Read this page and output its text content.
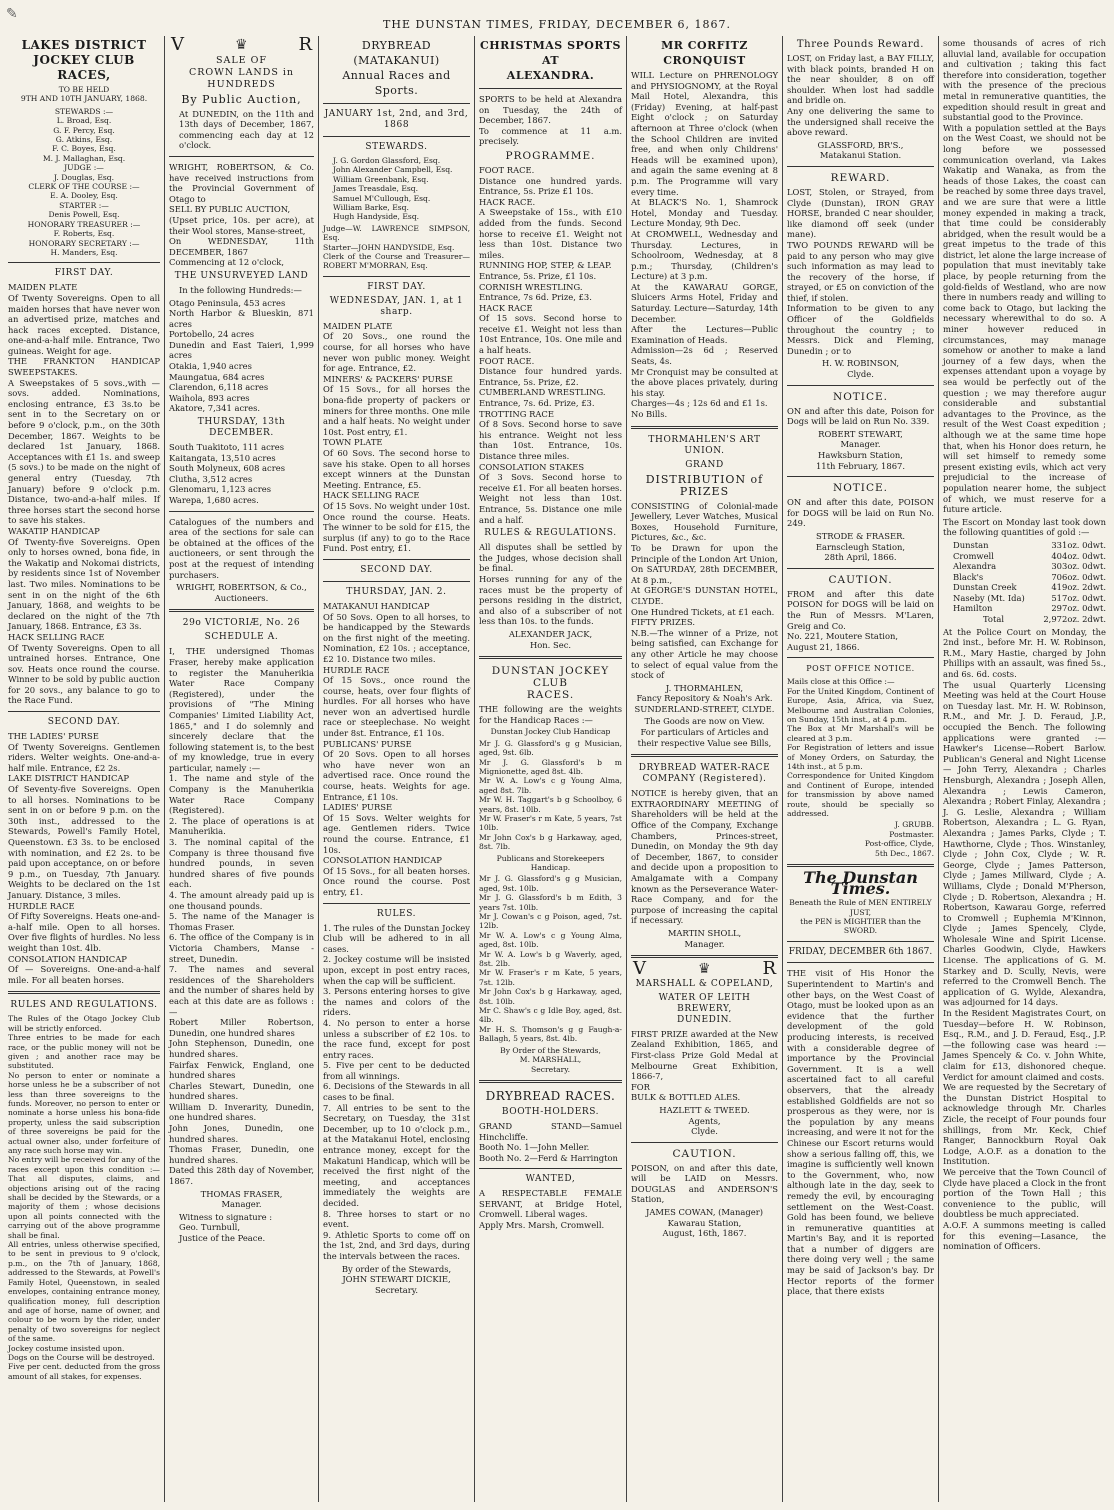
✎
THE DUNSTAN TIMES, FRIDAY, DECEMBER 6, 1867.
LAKES DISTRICT
JOCKEY CLUB RACES,
TO BE HELD
9TH AND 10TH JANUARY, 1868.
STEWARDS :—
L. Broad, Esq.
G. F. Percy, Esq.
G. Atkins, Esq.
F. C. Boyes, Esq.
M. J. Mallaghan, Esq.
JUDGE :—
J. Douglas, Esq.
CLERK OF THE COURSE :—
E. A. Dooley, Esq.
STARTER :—
Denis Powell, Esq.
HONORARY TREASURER :—
F. Roberts, Esq.
HONORARY SECRETARY :—
H. Manders, Esq.
FIRST DAY.
MAIDEN PLATE
Of Twenty Sovereigns. Open to all maiden horses that have never won an advertised prize, matches and hack races excepted. Distance, one-and-a-half mile. Entrance, Two guineas. Weight for age.
THE FRANKTON HANDICAP SWEEPSTAKES.
A Sweepstakes of 5 sovs.,with — sovs. added. Nominations, enclosing entrance, £3 3s.to be sent in to the Secretary on or before 9 o'clock, p.m., on the 30th December, 1867. Weights to be declared 1st January, 1868. Acceptances with £1 1s. and sweep (5 sovs.) to be made on the night of general entry (Tuesday, 7th January) before 9 o'clock p.m. Distance, two-and-a-half miles. If three horses start the second horse to save his stakes.
WAKATIP HANDICAP
Of Twenty-five Sovereigns. Open only to horses owned, bona fide, in the Wakatip and Nokomai districts, by residents since 1st of November last. Two miles. Nominations to be sent in on the night of the 6th January, 1868, and weights to be declared on the night of the 7th January, 1868. Entrance, £3 3s.
HACK SELLING RACE
Of Twenty Sovereigns. Open to all untrained horses. Entrance, One sov. Heats once round the course. Winner to be sold by public auction for 20 sovs., any balance to go to the Race Fund.
SECOND DAY.
THE LADIES' PURSE
Of Twenty Sovereigns. Gentlemen riders. Welter weights. One-and-a-half mile. Entrance, £2 2s.
LAKE DISTRICT HANDICAP
Of Seventy-five Sovereigns. Open to all horses. Nominations to be sent in on or before 9 p.m. on the 30th inst., addressed to the Stewards, Powell's Family Hotel, Queenstown. £3 3s. to be enclosed with nomination, and £2 2s. to be paid upon acceptance, on or before 9 p.m., on Tuesday, 7th January. Weights to be declared on the 1st January. Distance, 3 miles.
HURDLE RACE
Of Fifty Sovereigns. Heats one-and-a-half mile. Open to all horses. Over five flights of hurdles. No less weight than 10st. 4lb.
CONSOLATION HANDICAP
Of — Sovereigns. One-and-a-half mile. For all beaten horses.
RULES AND REGULATIONS.
The Rules of the Otago Jockey Club will be strictly enforced.
Three entries to be made for each race, or the public money will not be given ; and another race may be substituted.
No person to enter or nominate a horse unless he be a subscriber of not less than three sovereigns to the funds. Moreover, no person to enter or nominate a horse unless his bona-fide property, unless the said subscription of three sovereigns be paid for the actual owner also, under forfeiture of any race such horse may win.
No entry will be received for any of the races except upon this condition :—That all disputes, claims, and objections arising out of the racing shall be decided by the Stewards, or a majority of them ; whose decisions upon all points connected with the carrying out of the above programme shall be final.
All entries, unless otherwise specified, to be sent in previous to 9 o'clock, p.m., on the 7th of January, 1868, addressed to the Stewards, at Powell's Family Hotel, Queenstown, in sealed envelopes, containing entrance money, qualification money, full description and age of horse, name of owner, and colour to be worn by the rider, under penalty of two sovereigns for neglect of the same.
Jockey costume insisted upon.
Dogs on the Course will be destroyed.
Five per cent. deducted from the gross amount of all stakes, for expenses.
V	♛	R
SALE OF
CROWN LANDS in HUNDREDS
By Public Auction,
At DUNEDIN, on the 11th and 13th days of December, 1867, commencing each day at 12 o'clock.
WRIGHT, ROBERTSON, & Co. have received instructions from the Provincial Government of Otago to
SELL BY PUBLIC AUCTION,
(Upset price, 10s. per acre), at their Wool stores, Manse-street,
On WEDNESDAY, 11th DECEMBER, 1867
Commencing at 12 o'clock,
THE UNSURVEYED LAND
In the following Hundreds:—
Otago Peninsula, 453 acres
North Harbor & Blueskin, 871 acres
Portobello, 24 acres
Dunedin and East Taieri, 1,999 acres
Otakia, 1,940 acres
Maungatua, 684 acres
Clarendon, 6,118 acres
Waihola, 893 acres
Akatore, 7,341 acres.
THURSDAY, 13th DECEMBER.
South Tuakitoto, 111 acres
Kaitangata, 13,510 acres
South Molyneux, 608 acres
Clutha, 3,512 acres
Glenomaru, 1,123 acres
Warepa, 1,680 acres.
Catalogues of the numbers and area of the sections for sale can be obtained at the offices of the auctioneers, or sent through the post at the request of intending purchasers.
WRIGHT, ROBERTSON, & Co.,
Auctioneers.
29o VICTORIÆ, No. 26
SCHEDULE A.
I, THE undersigned Thomas Fraser, hereby make application to register the Manuherikia Water Race Company (Registered), under the provisions of "The Mining Companies' Limited Liability Act, 1865," and I do solemnly and sincerely declare that the following statement is, to the best of my knowledge, true in every particular, namely :—
1. The name and style of the Company is the Manuherikia Water Race Company (Registered).
2. The place of operations is at Manuherikia.
3. The nominal capital of the Company is three thousand five hundred pounds, in seven hundred shares of five pounds each.
4. The amount already paid up is one thousand pounds.
5. The name of the Manager is Thomas Fraser.
6. The office of the Company is in Victoria Chambers, Manse - street, Dunedin.
7. The names and several residences of the Shareholders and the number of shares held by each at this date are as follows :—
Robert Miller Robertson, Dunedin, one hundred shares
John Stephenson, Dunedin, one hundred shares.
Fairfax Fenwick, England, one hundred shares
Charles Stewart, Dunedin, one hundred shares.
William D. Inverarity, Dunedin, one hundred shares.
John Jones, Dunedin, one hundred shares.
Thomas Fraser, Dunedin, one hundred shares.
Dated this 28th day of November, 1867.
THOMAS FRASER,
Manager.
Witness to signature :
Geo. Turnbull,
Justice of the Peace.
DRYBREAD (MATAKANUI)
Annual Races and Sports.
JANUARY 1st, 2nd, and 3rd, 1868
STEWARDS.
J. G. Gordon Glassford, Esq.
John Alexander Campbell, Esq.
William Greenbank, Esq.
James Treasdale, Esq.
Samuel M'Cullough, Esq.
William Barke, Esq.
Hugh Handyside, Esq.
Judge—W. LAWRENCE SIMPSON, Esq.
Starter—JOHN HANDYSIDE, Esq.
Clerk of the Course and Treasurer—ROBERT M'MORRAN, Esq.
FIRST DAY.
WEDNESDAY, JAN. 1, at 1 sharp.
MAIDEN PLATE
Of 20 Sovs., one round the course, for all horses who have never won public money. Weight for age. Entrance, £2.
MINERS' & PACKERS' PURSE
Of 15 Sovs., for all horses the bona-fide property of packers or miners for three months. One mile and a half heats. No weight under 10st. Post entry, £1.
TOWN PLATE
Of 60 Sovs. The second horse to save his stake. Open to all horses except winners at the Dunstan Meeting. Entrance, £5.
HACK SELLING RACE
Of 15 Sovs. No weight under 10st. Once round the course. Heats. The winner to be sold for £15, the surplus (if any) to go to the Race Fund. Post entry, £1.
SECOND DAY.
THURSDAY, JAN. 2.
MATAKANUI HANDICAP
Of 50 Sovs. Open to all horses, to be handicapped by the Stewards on the first night of the meeting. Nomination, £2 10s. ; acceptance, £2 10. Distance two miles.
HURDLE RACE
Of 15 Sovs., once round the course, heats, over four flights of hurdles. For all horses who have never won an advertised hurdle race or steeplechase. No weight under 8st. Entrance, £1 10s.
PUBLICANS' PURSE
Of 20 Sovs. Open to all horses who have never won an advertised race. Once round the course, heats. Weights for age. Entrance, £1 10s.
LADIES' PURSE
Of 15 Sovs. Welter weights for age. Gentlemen riders. Twice round the course. Entrance, £1 10s.
CONSOLATION HANDICAP
Of 15 Sovs., for all beaten horses. Once round the course. Post entry, £1.
RULES.
1. The rules of the Dunstan Jockey Club will be adhered to in all cases.
2. Jockey costume will be insisted upon, except in post entry races, when the cap will be sufficient.
3. Persons entering horses to give the names and colors of the riders.
4. No person to enter a horse unless a subscriber of £2 10s. to the race fund, except for post entry races.
5. Five per cent to be deducted from all winnings.
6. Decisions of the Stewards in all cases to be final.
7. All entries to be sent to the Secretary, on Tuesday, the 31st December, up to 10 o'clock p.m., at the Matakanui Hotel, enclosing entrance money, except for the Makatuni Handicap, which will be received the first night of the meeting, and acceptances immediately the weights are decided.
8. Three horses to start or no event.
9. Athletic Sports to come off on the 1st, 2nd, and 3rd days, during the intervals between the races.
By order of the Stewards,
JOHN STEWART DICKIE,
Secretary.
CHRISTMAS SPORTS
AT
ALEXANDRA.
SPORTS to be held at Alexandra on Tuesday, the 24th of December, 1867.
To commence at 11 a.m. precisely.
PROGRAMME.
FOOT RACE.
Distance one hundred yards. Entrance, 5s. Prize £1 10s.
HACK RACE.
A Sweepstake of 15s., with £10 added from the funds. Second horse to receive £1. Weight not less than 10st. Distance two miles.
RUNNING HOP, STEP, & LEAP.
Entrance, 5s. Prize, £1 10s.
CORNISH WRESTLING.
Entrance, 7s 6d. Prize, £3.
HACK RACE
Of 15 sovs. Second horse to receive £1. Weight not less than 10st Entrance, 10s. One mile and a half heats.
FOOT RACE.
Distance four hundred yards. Entrance, 5s. Prize, £2.
CUMBERLAND WRESTLING.
Entrance, 7s. 6d. Prize, £3.
TROTTING RACE
Of 8 Sovs. Second horse to save his entrance. Weight not less than 10st. Entrance, 10s. Distance three miles.
CONSOLATION STAKES
Of 3 Sovs. Second horse to receive £1. For all beaten horses. Weight not less than 10st. Entrance, 5s. Distance one mile and a half.
RULES & REGULATIONS.
All disputes shall be settled by the Judges, whose decision shall be final.
Horses running for any of the races must be the property of persons residing in the district, and also of a subscriber of not less than 10s. to the funds.
ALEXANDER JACK,
Hon. Sec.
DUNSTAN JOCKEY CLUB
RACES.
THE following are the weights for the Handicap Races :—
Dunstan Jockey Club Handicap
Mr J. G. Glassford's g g Musician, aged, 9st. 6lb.
Mr J. G. Glassford's b m Mignionette, aged 8st. 4lb.
Mr W. A. Low's c g Young Alma, aged 8st. 7lb.
Mr W. H. Taggart's b g Schoolboy, 6 years, 8st. 10lb.
Mr W. Fraser's r m Kate, 5 years, 7st 10lb.
Mr John Cox's b g Harkaway, aged, 8st. 7lb.
Publicans and Storekeepers Handicap.
Mr J. G. Glassford's g g Musician, aged, 9st. 10lb.
Mr J. G. Glassford's b m Edith, 3 years 7st. 10lb.
Mr J. Cowan's c g Poison, aged, 7st. 12lb.
Mr W. A. Low's c g Young Alma, aged, 8st. 10lb.
Mr W. A. Low's b g Waverly, aged, 8st. 2lb.
Mr W. Fraser's r m Kate, 5 years, 7st. 12lb.
Mr John Cox's b g Harkaway, aged, 8st. 10lb.
Mr C. Shaw's c g Idle Boy, aged, 8st. 4lb.
Mr H. S. Thomson's g g Faugh-a-Ballagh, 5 years, 8st. 4lb.
By Order of the Stewards,
M. MARSHALL,
Secretary.
DRYBREAD RACES.
BOOTH-HOLDERS.
GRAND STAND—Samuel Hinchcliffe.
Booth No. 1—John Meller.
Booth No. 2—Ferd & Harrington
WANTED,
A RESPECTABLE FEMALE SERVANT, at Bridge Hotel, Cromwell. Liberal wages.
Apply Mrs. Marsh, Cromwell.
MR CORFITZ CRONQUIST
WILL Lecture on PHRENOLOGY and PHYSIOGNOMY, at the Royal Mail Hotel, Alexandra, this (Friday) Evening, at half-past Eight o'clock ; on Saturday afternoon at Three o'clock (when the School Children are invited free, and when only Childrens' Heads will be examined upon), and again the same evening at 8 p.m. The Programme will vary every time.
At BLACK'S No. 1, Shamrock Hotel, Monday and Tuesday. Lecture Monday, 9th Dec.
At CROMWELL, Wednesday and Thursday. Lectures, in Schoolroom, Wednesday, at 8 p.m.; Thursday, (Children's Lecture) at 3 p.m.
At the KAWARAU GORGE, Sluicers Arms Hotel, Friday and Saturday. Lecture—Saturday, 14th December.
After the Lectures—Public Examination of Heads.
Admission—2s 6d ; Reserved Seats, 4s.
Mr Cronquist may be consulted at the above places privately, during his stay.
Charges—4s ; 12s 6d and £1 1s.
No Bills.
THORMAHLEN'S ART UNION.
GRAND
DISTRIBUTION of PRIZES
CONSISTING of Colonial-made Jewellery, Lever Watches, Musical Boxes, Household Furniture, Pictures, &c., &c.
To be Drawn for upon the Principle of the London Art Union,
On SATURDAY, 28th DECEMBER, At 8 p.m.,
At GEORGE'S DUNSTAN HOTEL, CLYDE.
One Hundred Tickets, at £1 each.
FIFTY PRIZES.
N.B.—The winner of a Prize, not being satisfied, can Exchange for any other Article he may choose to select of equal value from the stock of
J. THORMAHLEN,
Fancy Repository & Noah's Ark.
SUNDERLAND-STREET, CLYDE.
The Goods are now on View.
For particulars of Articles and their respective Value see Bills,
DRYBREAD WATER-RACE
COMPANY (Registered).
NOTICE is hereby given, that an EXTRAORDINARY MEETING of Shareholders will be held at the Office of the Company, Exchange Chambers, Princes-street, Dunedin, on Monday the 9th day of December, 1867, to consider and decide upon a proposition to Amalgamate with a Company known as the Perseverance Water-Race Company, and for the purpose of increasing the capital if necessary.
MARTIN SHOLL,
Manager.
V	♛	R
MARSHALL & COPELAND,
WATER OF LEITH BREWERY,
DUNEDIN.
FIRST PRIZE awarded at the New Zealand Exhibition, 1865, and First-class Prize Gold Medal at Melbourne Great Exhibition, 1866-7,
FOR
BULK & BOTTLED ALES.
HAZLETT & TWEED.
Agents,
Clyde.
CAUTION.
POISON, on and after this date, will be LAID on Messrs. DOUGLAS and ANDERSON'S Station,
JAMES COWAN, (Manager)
Kawarau Station,
August, 16th, 1867.
Three Pounds Reward.
LOST, on Friday last, a BAY FILLY, with black points, branded H on the near shoulder, 8 on off shoulder. When lost had saddle and bridle on.
Any one delivering the same to the undersigned shall receive the above reward.
GLASSFORD, BR'S.,
Matakanui Station.
REWARD.
LOST, Stolen, or Strayed, from Clyde (Dunstan), IRON GRAY HORSE, branded C near shoulder, like diamond off seek (under mane).
TWO POUNDS REWARD will be paid to any person who may give such information as may lead to the recovery of the horse, if strayed, or £5 on conviction of the thief, if stolen.
Information to be given to any Officer of the Goldfields throughout the country ; to Messrs. Dick and Fleming, Dunedin ; or to
H. W. ROBINSON,
Clyde.
NOTICE.
ON and after this date, Poison for Dogs will be laid on Run No. 339.
ROBERT STEWART,
Manager.
Hawksburn Station,
11th February, 1867.
NOTICE.
ON and after this date, POISON for DOGS will be laid on Run No. 249.
STRODE & FRASER.
Earnscleugh Station,
28th April, 1866.
CAUTION.
FROM and after this date POISON for DOGS will be laid on the Run of Messrs. M'Laren, Greig and Co.
No. 221, Moutere Station,
August 21, 1866.
POST OFFICE NOTICE.
Mails close at this Office :—
For the United Kingdom, Continent of Europe, Asia, Africa, via Suez, Melbourne and Australian Colonies, on Sunday, 15th inst., at 4 p.m.
The Box at Mr Marshall's will be cleared at 3 p.m.
For Registration of letters and issue of Money Orders, on Saturday, the 14th inst., at 5 p.m.
Correspondence for United Kingdom and Continent of Europe, intended for transmission by above named route, should be specially so addressed.
J. GRUBB.
Postmaster.
Post-office, Clyde,
5th Dec., 1867.
The Dunstan Times.
Beneath the Rule of MEN ENTIRELY JUST,
the PEN is MIGHTIER than the SWORD.
FRIDAY, DECEMBER 6th 1867.
THE visit of His Honor the Superintendent to Martin's and other bays, on the West Coast of Otago, must be looked upon as an evidence that the further development of the gold producing interests, is received with a considerable degree of importance by the Provincial Government. It is a well ascertained fact to all careful observers, that the already established Goldfields are not so prosperous as they were, nor is the population by any means increasing, and were it not for the Chinese our Escort returns would show a serious falling off, this, we imagine is sufficiently well known to the Government, who, now although late in the day, seek to remedy the evil, by encouraging settlement on the West-Coast. Gold has been found, we believe in remunerative quantities at Martin's Bay, and it is reported that a number of diggers are there doing very well ; the same may be said of Jackson's bay. Dr Hector reports of the former place, that there exists
some thousands of acres of rich alluvial land, available for occupation and cultivation ; taking this fact therefore into consideration, together with the presence of the precious metal in remunerative quantities, the expedition should result in great and substantial good to the Province.
With a population settled at the Bays on the West Coast, we should not be long before we possessed communication overland, via Lakes Wakatip and Wanaka, as from the heads of those Lakes, the coast can be reached by some three days travel, and we are sure that were a little money expended in making a track, that time could be considerably abridged, when the result would be a great impetus to the trade of this district, let alone the large increase of population that must inevitably take place, by people returning from the gold-fields of Westland, who are now there in numbers ready and willing to come back to Otago, but lacking the necessary wherewithal to do so. A miner however reduced in circumstances, may manage somehow or another to make a land journey of a few days, when the expenses attendant upon a voyage by sea would be perfectly out of the question ; we may therefore augur considerable and substantial advantages to the Province, as the result of the West Coast expedition ; although we at the same time hope that, when his Honor does return, he will set himself to remedy some present existing evils, which act very prejudicial to the increase of population nearer home, the subject of which, we must reserve for a future article.
The Escort on Monday last took down the following quantities of gold :—
Dunstan	331oz. 0dwt.
Cromwell	404oz. 0dwt.
Alexandra	303oz. 0dwt.
Black's	706oz. 0dwt.
Dunstan Creek	419oz. 2dwt.
Naseby (Mt. Ida)	517oz. 0dwt.
Hamilton	297oz. 0dwt.
Total	2,972oz. 2dwt.
At the Police Court on Monday, the 2nd inst., before Mr. H. W. Robinson, R.M., Mary Hastie, charged by John Phillips with an assault, was fined 5s., and 6s. 6d. costs.
The usual Quarterly Licensing Meeting was held at the Court House on Tuesday last. Mr. H. W. Robinson, R.M., and Mr. J. D. Feraud, J.P., occupied the Bench. The following applications were granted :—Hawker's License—Robert Barlow. Publican's General and Night License — John Terry, Alexandra ; Charles Hensburgh, Alexandra ; Joseph Allen, Alexandra ; Lewis Cameron, Alexandra ; Robert Finlay, Alexandra ; J. G. Leslie, Alexandra ; William Robertson, Alexandra ; L. G. Ryan, Alexandra ; James Parks, Clyde ; T. Hawthorne, Clyde ; Thos. Winstanley, Clyde ; John Cox, Clyde ; W. R. George, Clyde ; James Patterson, Clyde ; James Millward, Clyde ; A. Williams, Clyde ; Donald M'Pherson, Clyde ; D. Robertson, Alexandra ; H. Robertson, Kawarau Gorge, referred to Cromwell ; Euphemia M'Kinnon, Clyde ; James Spencely, Clyde, Wholesale Wine and Spirit License. Charles Goodwin, Clyde, Hawkers License. The applications of G. M. Starkey and D. Scully, Nevis, were referred to the Cromwell Bench. The application of G. Wylde, Alexandra, was adjourned for 14 days.
In the Resident Magistrates Court, on Tuesday—before H. W. Robinson, Esq., R.M., and J. D. Feraud, Esq., J.P.—the following case was heard :—James Spencely & Co. v. John White, claim for £13, dishonored cheque. Verdict for amount claimed and costs.
We are requested by the Secretary of the Dunstan District Hospital to acknowledge through Mr. Charles Zicle, the receipt of Four pounds four shillings, from Mr. Keck, Chief Ranger, Bannockburn Royal Oak Lodge, A.O.F. as a donation to the Institution.
We perceive that the Town Council of Clyde have placed a Clock in the front portion of the Town Hall ; this convenience to the public, will doubtless be much appreciated.
A.O.F. A summons meeting is called for this evening—Lasance, the nomination of Officers.
